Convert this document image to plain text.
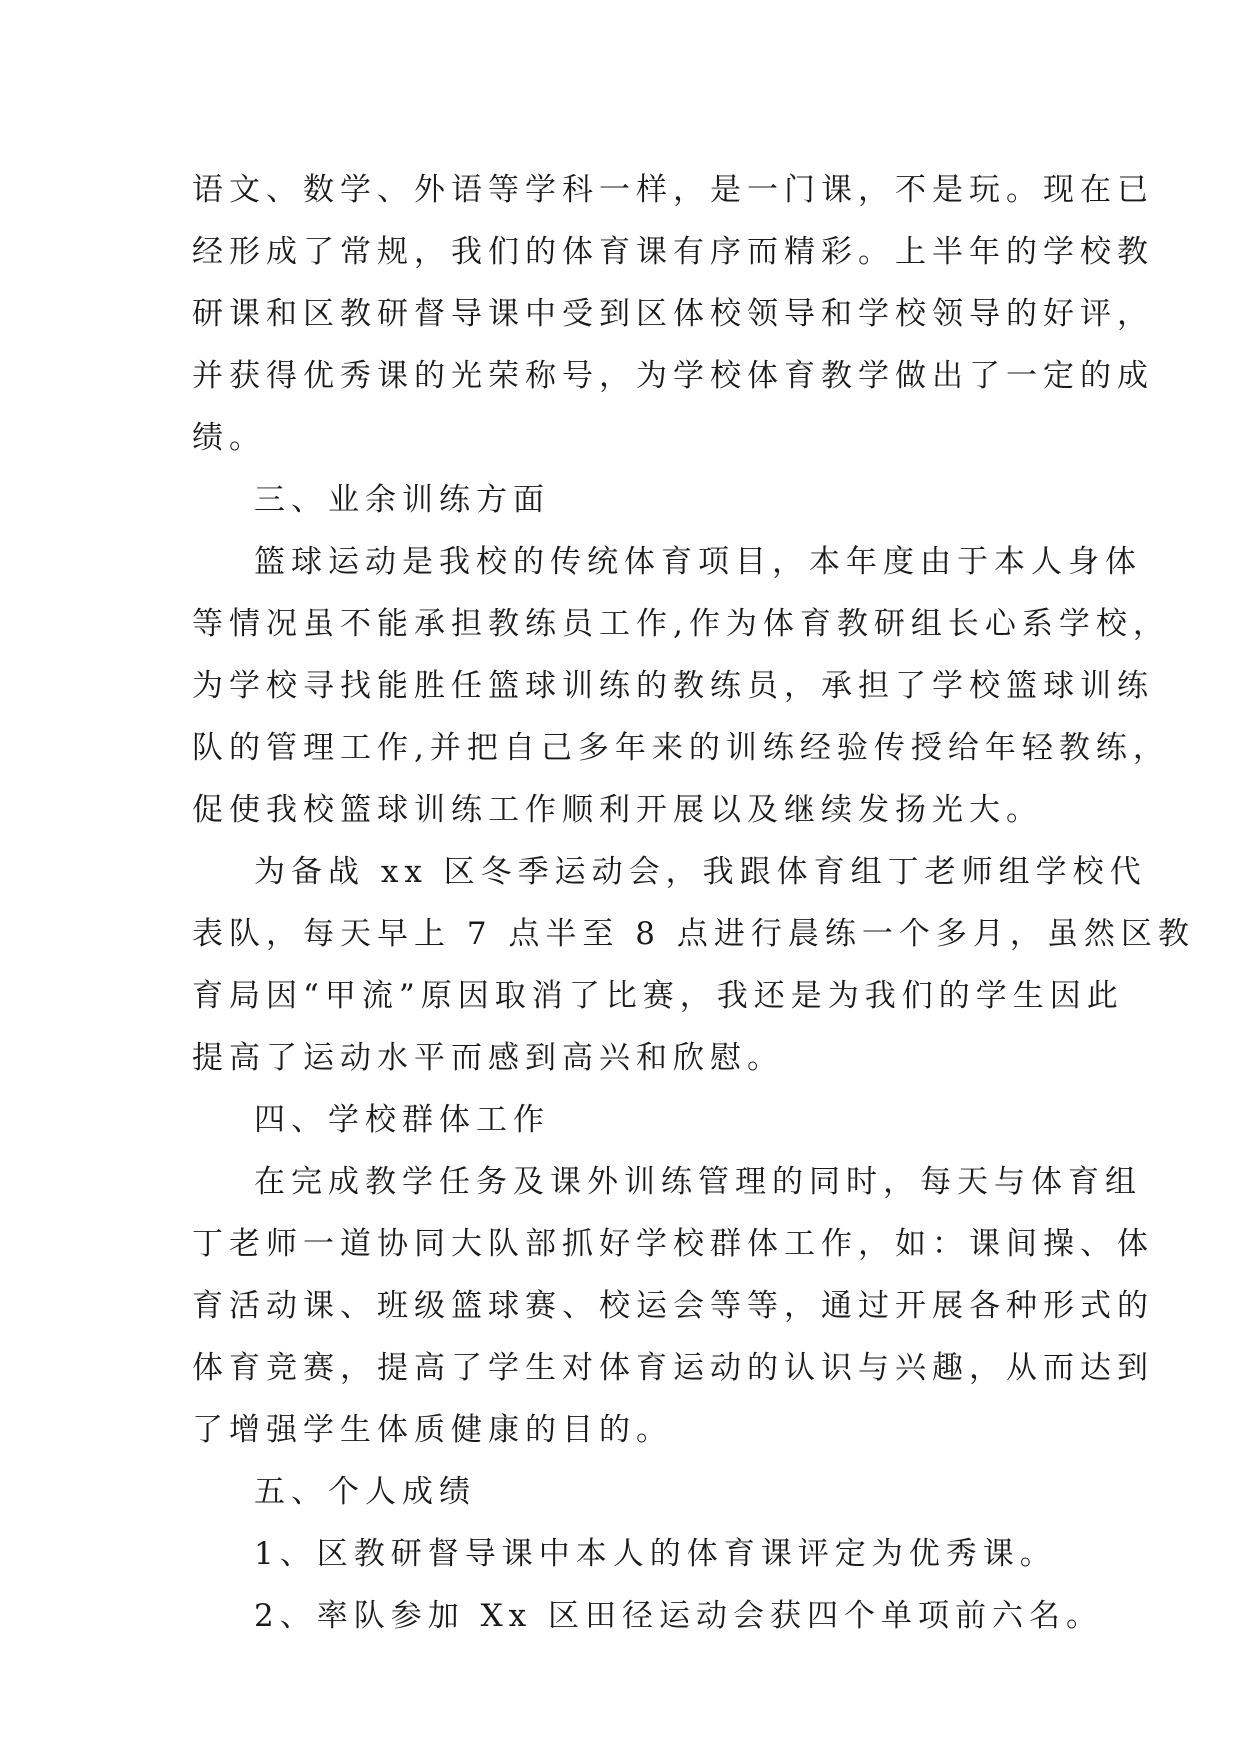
语文、数学、外语等学科一样，是一门课，不是玩。现在已
经形成了常规，我们的体育课有序而精彩。上半年的学校教
研课和区教研督导课中受到区体校领导和学校领导的好评，
并获得优秀课的光荣称号，为学校体育教学做出了一定的成
绩。
三、业余训练方面
篮球运动是我校的传统体育项目，本年度由于本人身体
等情况虽不能承担教练员工作,作为体育教研组长心系学校，
为学校寻找能胜任篮球训练的教练员，承担了学校篮球训练
队的管理工作,并把自己多年来的训练经验传授给年轻教练，
促使我校篮球训练工作顺利开展以及继续发扬光大。
为备战 xx 区冬季运动会，我跟体育组丁老师组学校代
表队，每天早上 7 点半至 8 点进行晨练一个多月，虽然区教
育局因“甲流”原因取消了比赛，我还是为我们的学生因此
提高了运动水平而感到高兴和欣慰。
四、学校群体工作
在完成教学任务及课外训练管理的同时，每天与体育组
丁老师一道协同大队部抓好学校群体工作，如：课间操、体
育活动课、班级篮球赛、校运会等等，通过开展各种形式的
体育竞赛，提高了学生对体育运动的认识与兴趣，从而达到
了增强学生体质健康的目的。
五、个人成绩
1、区教研督导课中本人的体育课评定为优秀课。
2、率队参加 Xx 区田径运动会获四个单项前六名。
